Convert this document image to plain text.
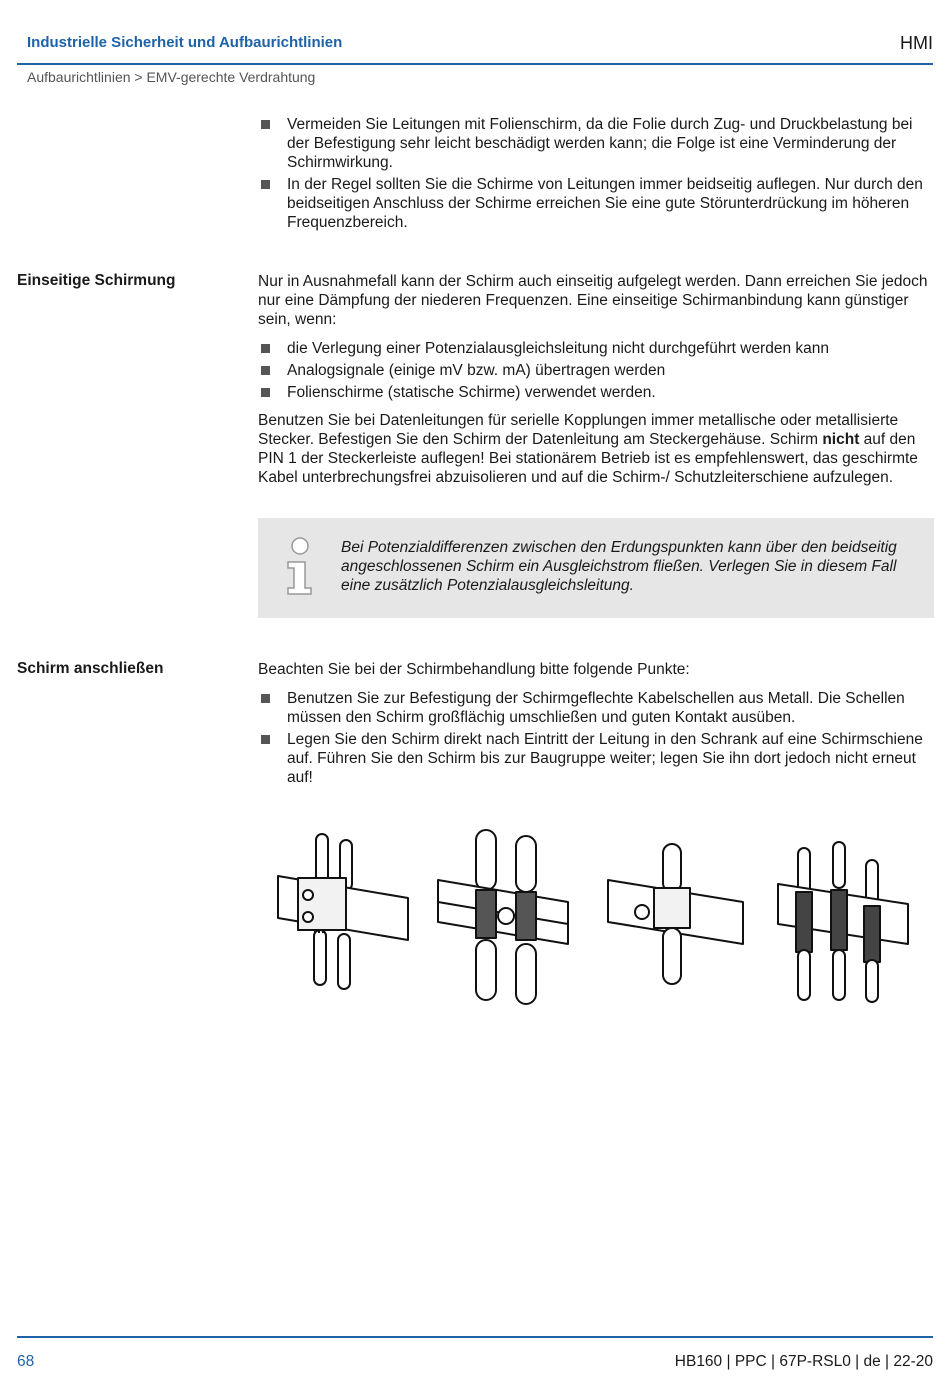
Industrielle Sicherheit und Aufbaurichtlinien	HMI
Aufbaurichtlinien > EMV-gerechte Verdrahtung
Vermeiden Sie Leitungen mit Folienschirm, da die Folie durch Zug- und Druckbelastung bei der Befestigung sehr leicht beschädigt werden kann; die Folge ist eine Verminderung der Schirmwirkung.
In der Regel sollten Sie die Schirme von Leitungen immer beidseitig auflegen. Nur durch den beidseitigen Anschluss der Schirme erreichen Sie eine gute Störunterdrückung im höheren Frequenzbereich.
Einseitige Schirmung	Nur in Ausnahmefall kann der Schirm auch einseitig aufgelegt werden. Dann erreichen Sie jedoch nur eine Dämpfung der niederen Frequenzen. Eine einseitige Schirmanbindung kann günstiger sein, wenn:

die Verlegung einer Potenzialausgleichsleitung nicht durchgeführt werden kann
Analogsignale (einige mV bzw. mA) übertragen werden
Folienschirme (statische Schirme) verwendet werden.

Benutzen Sie bei Datenleitungen für serielle Kopplungen immer metallische oder metallisierte Stecker. Befestigen Sie den Schirm der Datenleitung am Steckergehäuse. Schirm nicht auf den PIN 1 der Steckerleiste auflegen! Bei stationärem Betrieb ist es empfehlenswert, das geschirmte Kabel unterbrechungsfrei abzuisolieren und auf die Schirm-/ Schutzleiterschiene aufzulegen.

Bei Potenzialdifferenzen zwischen den Erdungspunkten kann über den beidseitig angeschlossenen Schirm ein Ausgleichstrom fließen. Verlegen Sie in diesem Fall eine zusätzlich Potenzialausgleichsleitung.
Schirm anschließen	Beachten Sie bei der Schirmbehandlung bitte folgende Punkte:

Benutzen Sie zur Befestigung der Schirmgeflechte Kabelschellen aus Metall. Die Schellen müssen den Schirm großflächig umschließen und guten Kontakt ausüben.
Legen Sie den Schirm direkt nach Eintritt der Leitung in den Schrank auf eine Schirmschiene auf. Führen Sie den Schirm bis zur Baugruppe weiter; legen Sie ihn dort jedoch nicht erneut auf!
68	HB160 | PPC | 67P-RSL0 | de | 22-20
